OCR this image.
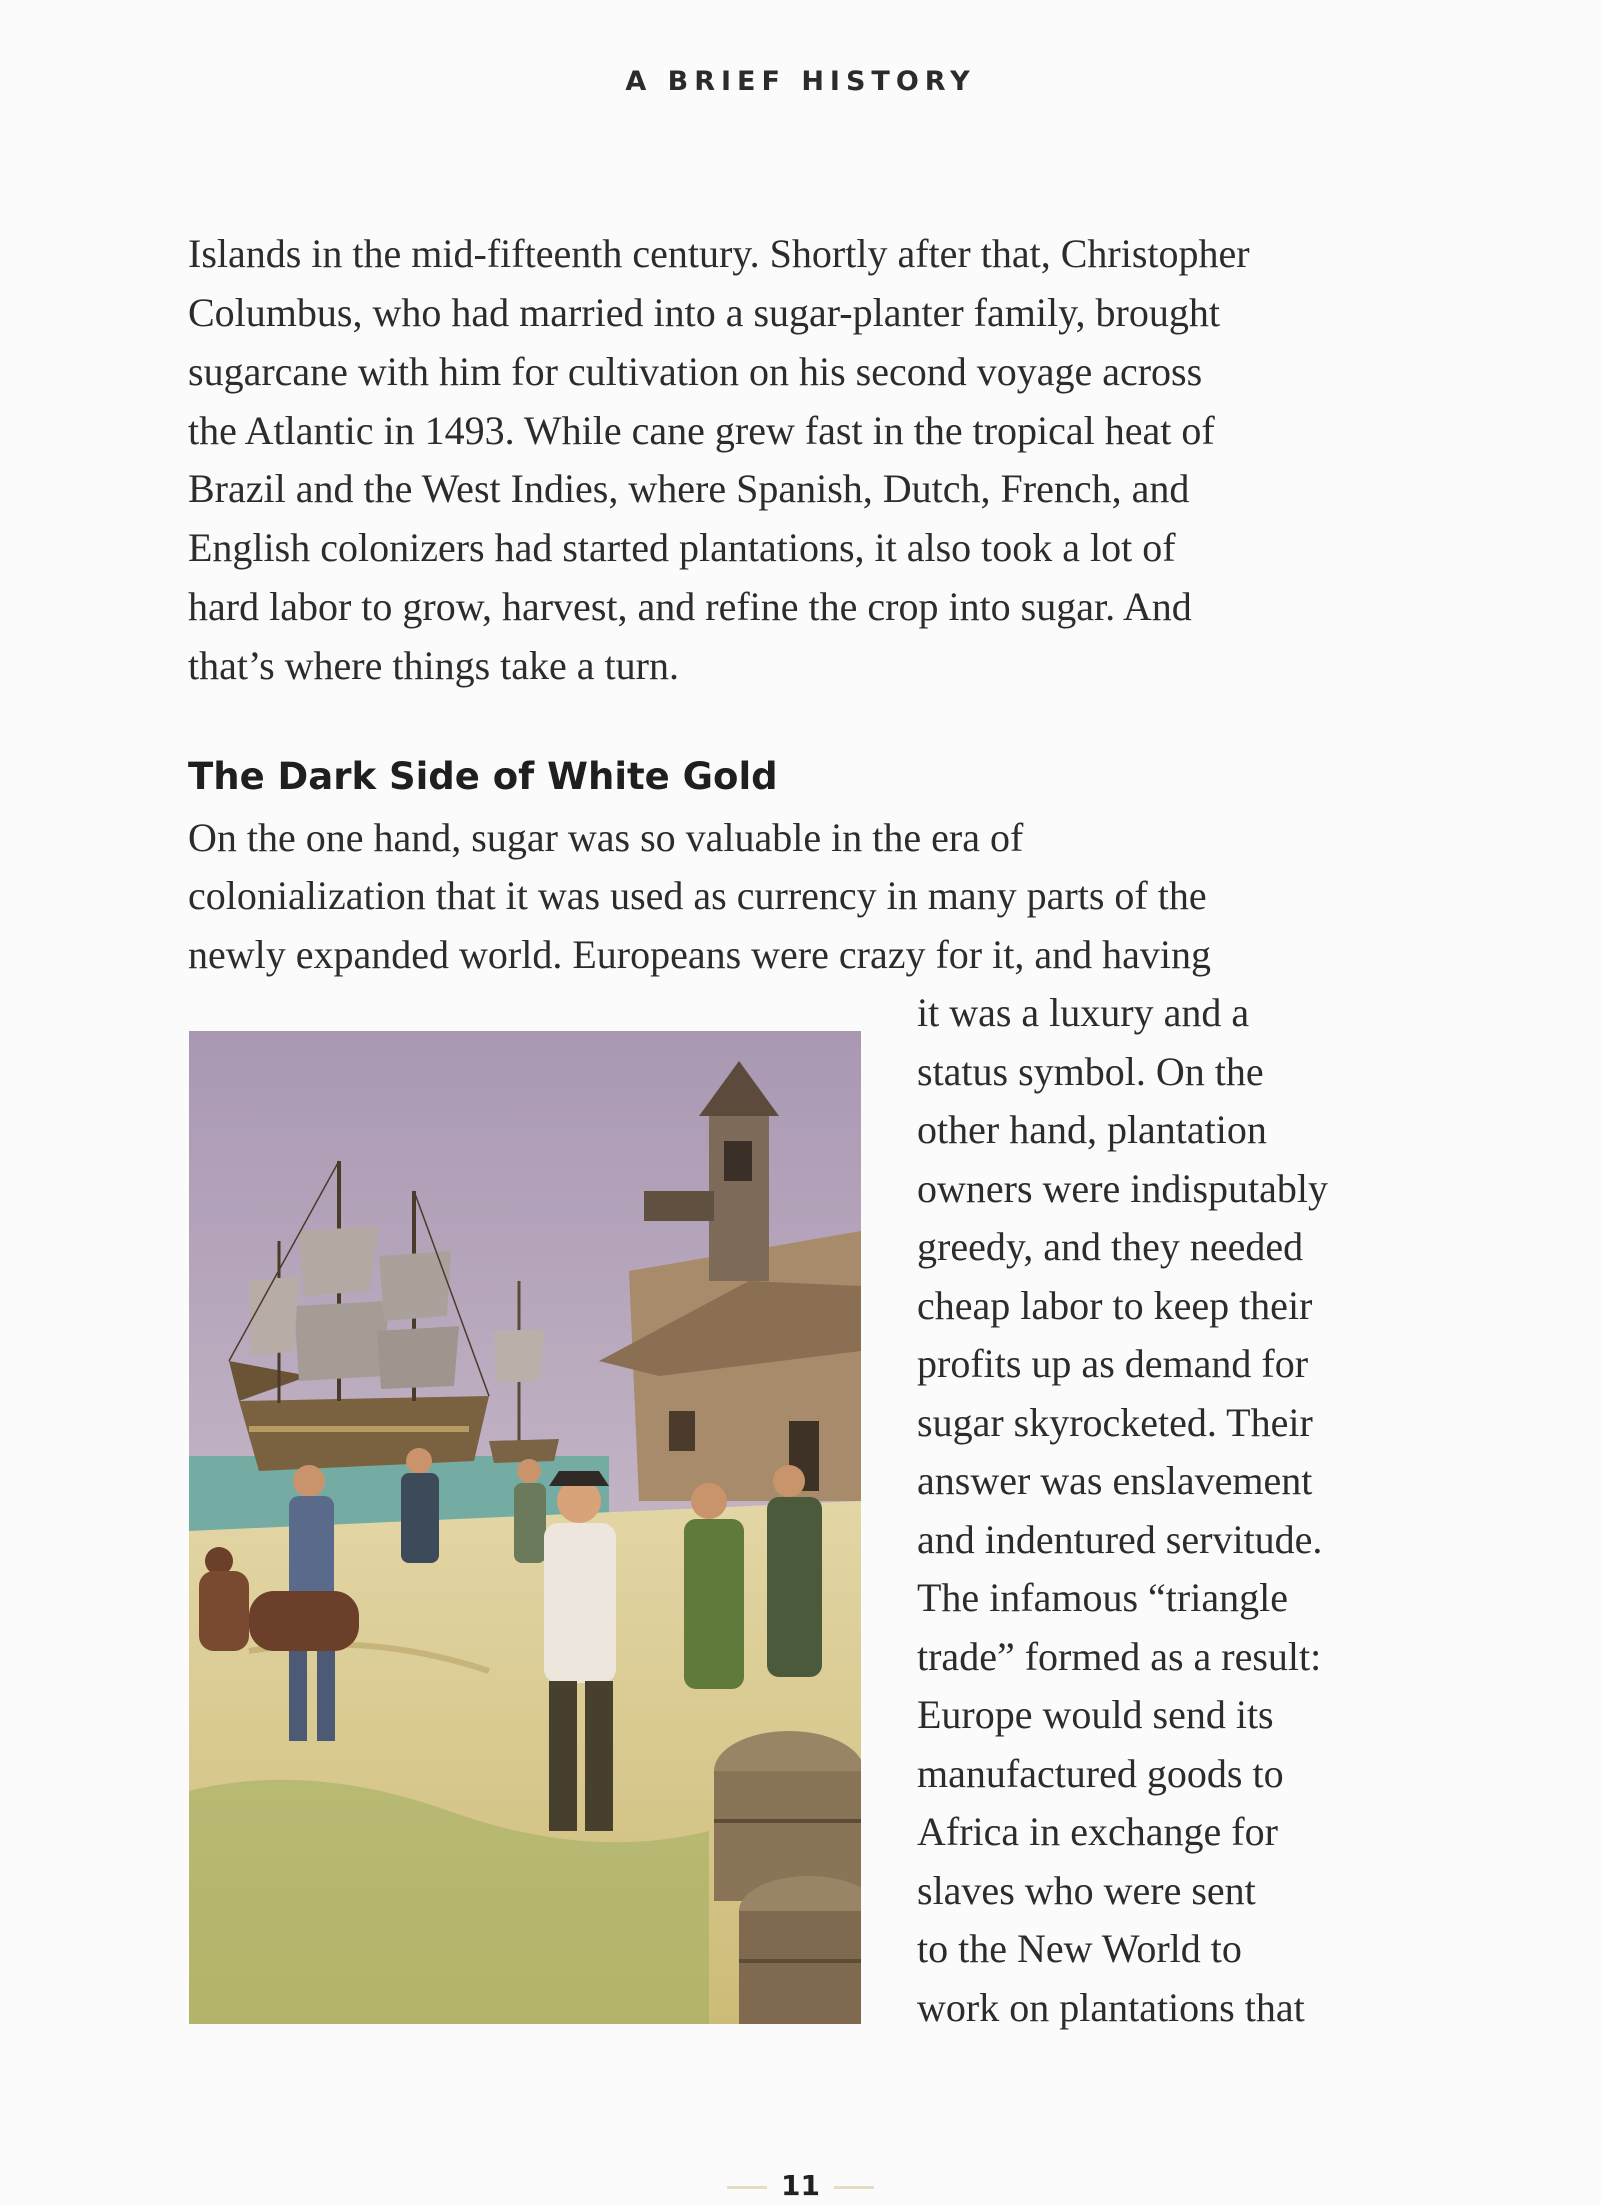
A BRIEF HISTORY
Islands in the mid-fifteenth century. Shortly after that, Christopher
Columbus, who had married into a sugar-planter family, brought
sugarcane with him for cultivation on his second voyage across
the Atlantic in 1493. While cane grew fast in the tropical heat of
Brazil and the West Indies, where Spanish, Dutch, French, and
English colonizers had started plantations, it also took a lot of
hard labor to grow, harvest, and refine the crop into sugar. And
that’s where things take a turn.
On the one hand, sugar was so valuable in the era of
colonialization that it was used as currency in many parts of the
newly expanded world. Europeans were crazy for it, and having
it was a luxury and a
status symbol. On the
other hand, plantation
owners were indisputably
greedy, and they needed
cheap labor to keep their
profits up as demand for
sugar skyrocketed. Their
answer was enslavement
and indentured servitude.
The infamous “triangle
trade” formed as a result:
Europe would send its
manufactured goods to
Africa in exchange for
slaves who were sent
to the New World to
work on plantations that
The Dark Side of White Gold
11
